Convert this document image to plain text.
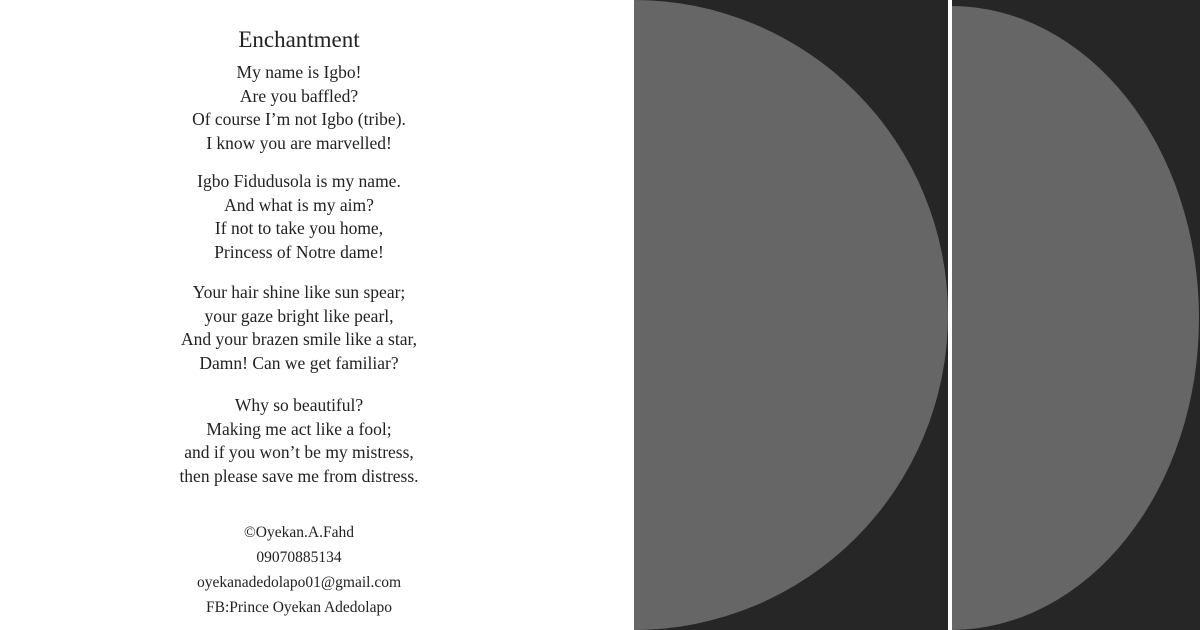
Enchantment
My name is Igbo!
Are you baffled?
Of course I’m not Igbo (tribe).
I know you are marvelled!
Igbo Fidudusola is my name.
And what is my aim?
If not to take you home,
Princess of Notre dame!
Your hair shine like sun spear;
your gaze bright like pearl,
And your brazen smile like a star,
Damn! Can we get familiar?
Why so beautiful?
Making me act like a fool;
and if you won’t be my mistress,
then please save me from distress.
©Oyekan.A.Fahd
09070885134
oyekanadedolapo01@gmail.com
FB:Prince Oyekan Adedolapo
